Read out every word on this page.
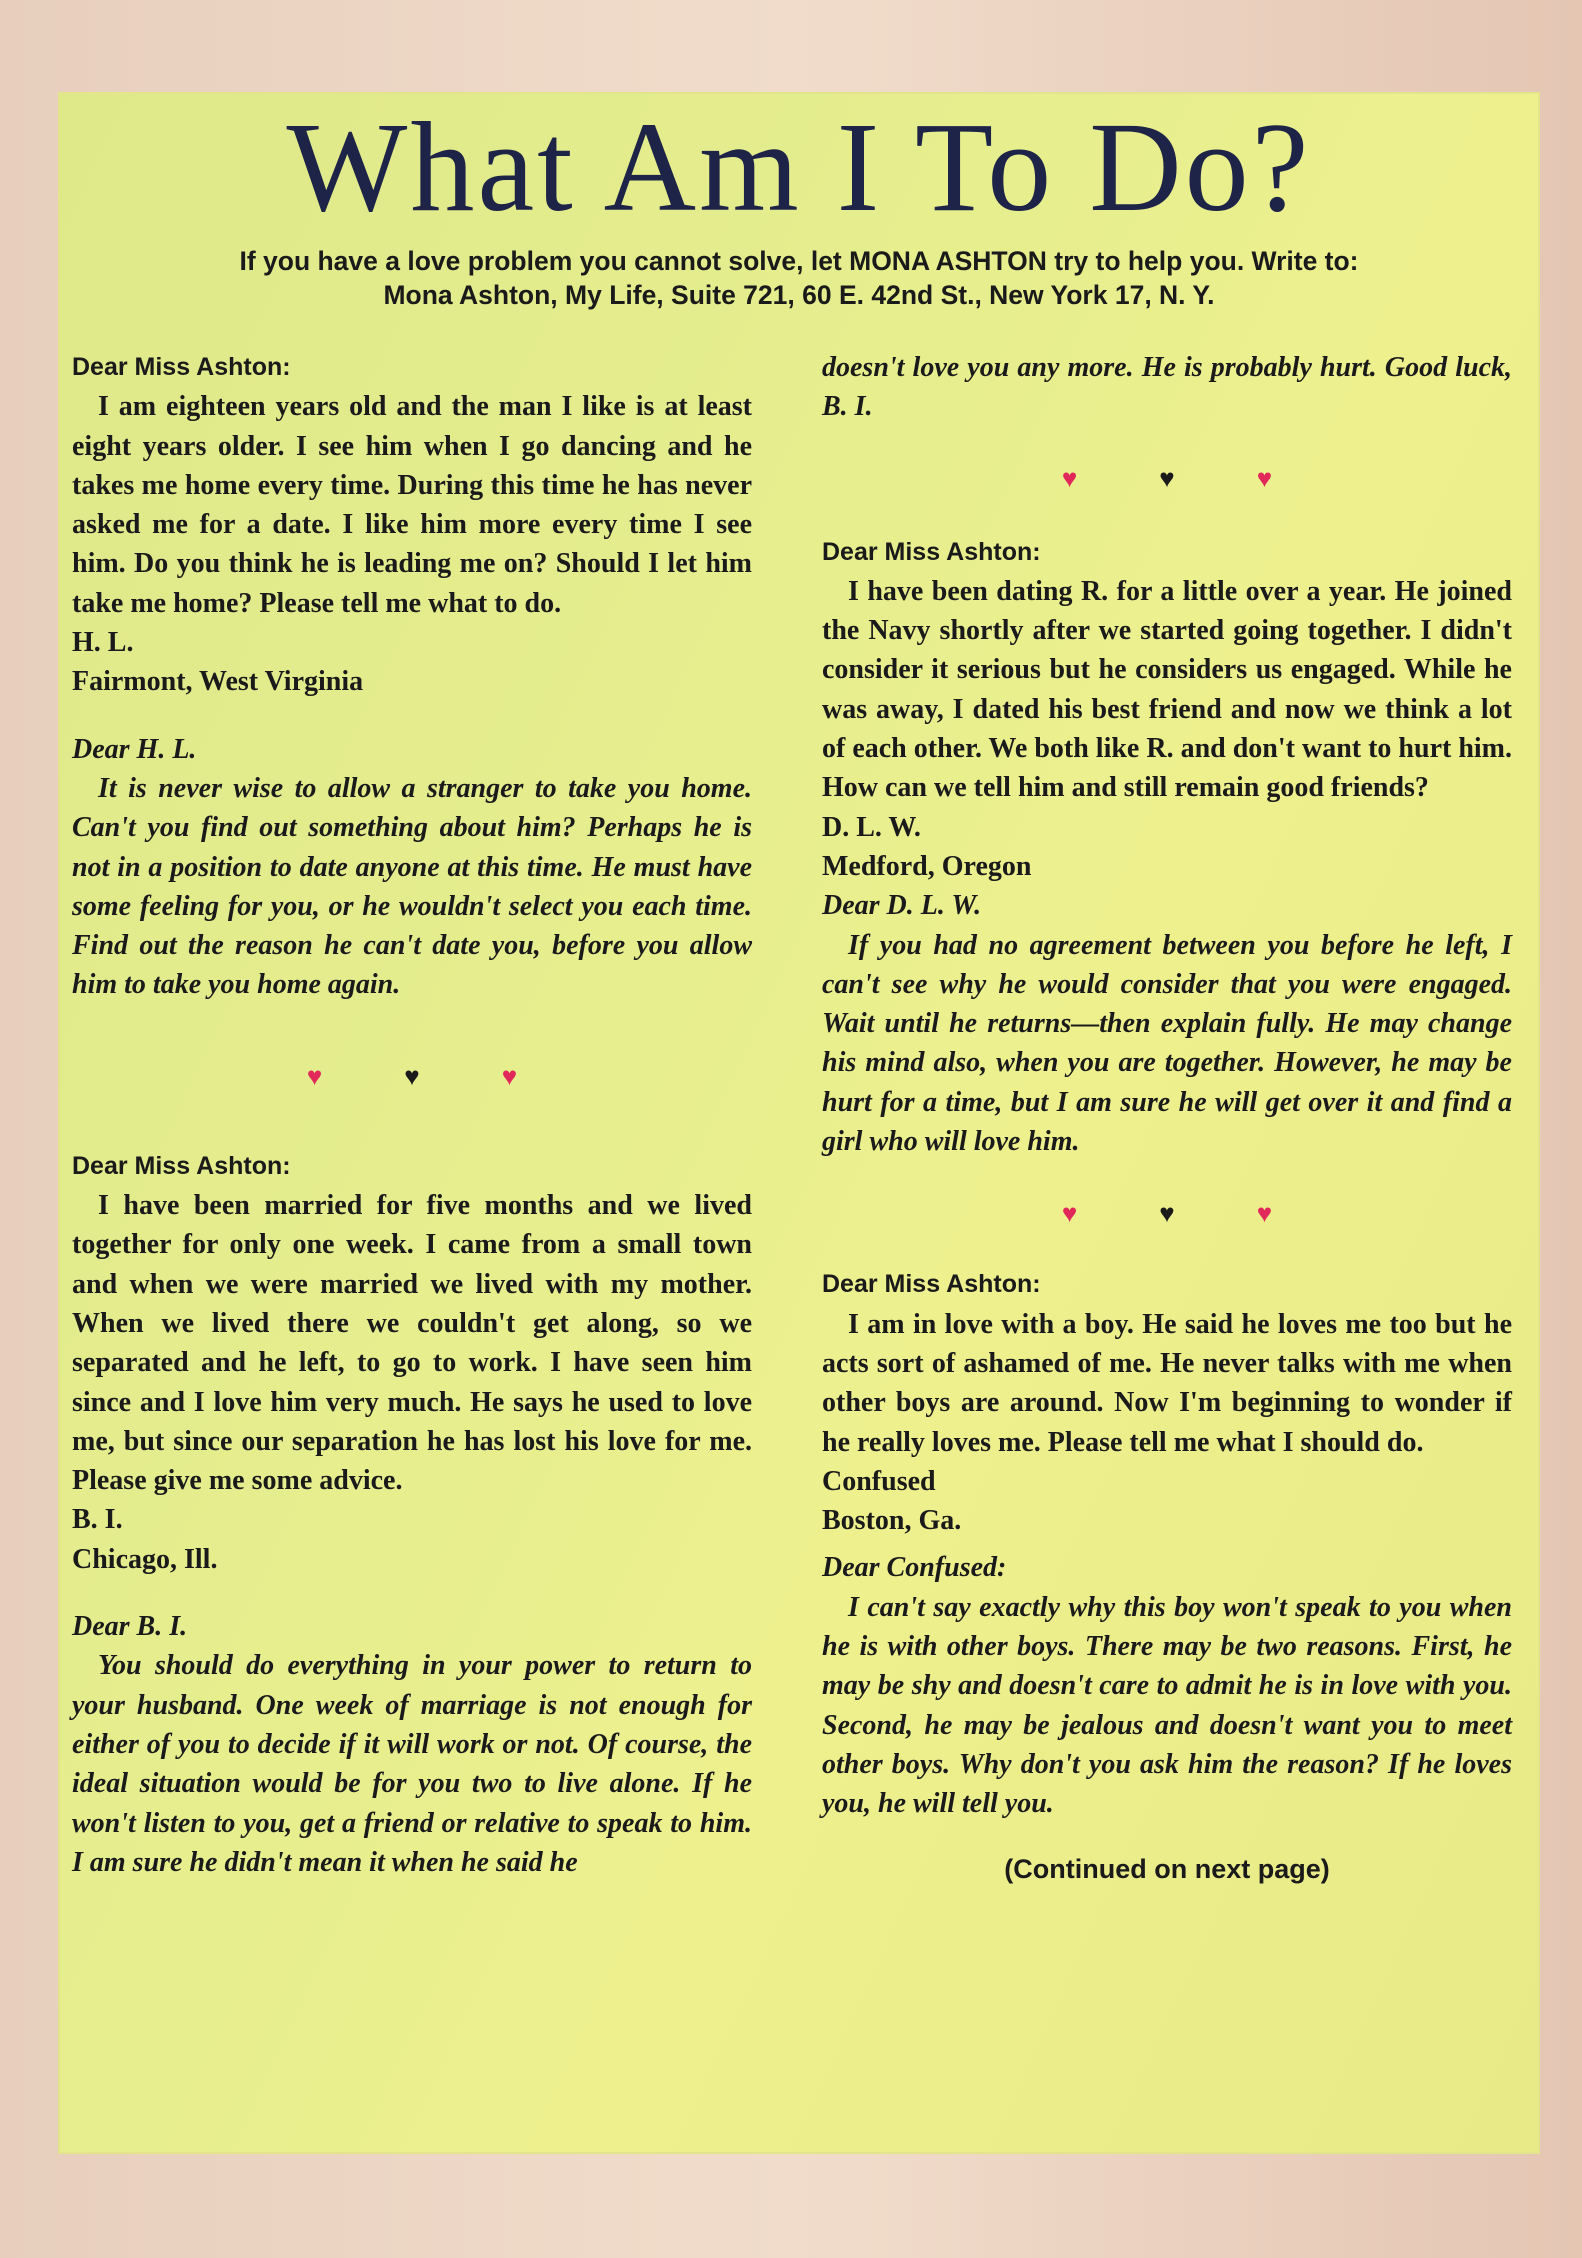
What Am I To Do?
If you have a love problem you cannot solve, let MONA ASHTON try to help you. Write to:
Mona Ashton, My Life, Suite 721, 60 E. 42nd St., New York 17, N. Y.

Dear Miss Ashton:

I am eighteen years old and the man I like is at least eight years older. I see him when I go dancing and he takes me home every time. During this time he has never asked me for a date. I like him more every time I see him. Do you think he is leading me on? Should I let him take me home? Please tell me what to do.

H. L.

Fairmont, West Virginia

Dear H. L.

It is never wise to allow a stranger to take you home. Can't you find out something about him? Perhaps he is not in a position to date anyone at this time. He must have some feeling for you, or he wouldn't select you each time. Find out the reason he can't date you, before you allow him to take you home again.

♥	♥	♥

Dear Miss Ashton:

I have been married for five months and we lived together for only one week. I came from a small town and when we were married we lived with my mother. When we lived there we couldn't get along, so we separated and he left, to go to work. I have seen him since and I love him very much. He says he used to love me, but since our separation he has lost his love for me. Please give me some advice.

B. I.

Chicago, Ill.

Dear B. I.

You should do everything in your power to return to your husband. One week of marriage is not enough for either of you to decide if it will work or not. Of course, the ideal situation would be for you two to live alone. If he won't listen to you, get a friend or relative to speak to him. I am sure he didn't mean it when he said he

doesn't love you any more. He is probably hurt. Good luck, B. I.

♥	♥	♥

Dear Miss Ashton:

I have been dating R. for a little over a year. He joined the Navy shortly after we started going together. I didn't consider it serious but he considers us engaged. While he was away, I dated his best friend and now we think a lot of each other. We both like R. and don't want to hurt him. How can we tell him and still remain good friends?

D. L. W.

Medford, Oregon

Dear D. L. W.

If you had no agreement between you before he left, I can't see why he would consider that you were engaged. Wait until he returns—then explain fully. He may change his mind also, when you are together. However, he may be hurt for a time, but I am sure he will get over it and find a girl who will love him.

♥	♥	♥

Dear Miss Ashton:

I am in love with a boy. He said he loves me too but he acts sort of ashamed of me. He never talks with me when other boys are around. Now I'm beginning to wonder if he really loves me. Please tell me what I should do.

Confused

Boston, Ga.

Dear Confused:

I can't say exactly why this boy won't speak to you when he is with other boys. There may be two reasons. First, he may be shy and doesn't care to admit he is in love with you. Second, he may be jealous and doesn't want you to meet other boys. Why don't you ask him the reason? If he loves you, he will tell you.

(Continued on next page)
